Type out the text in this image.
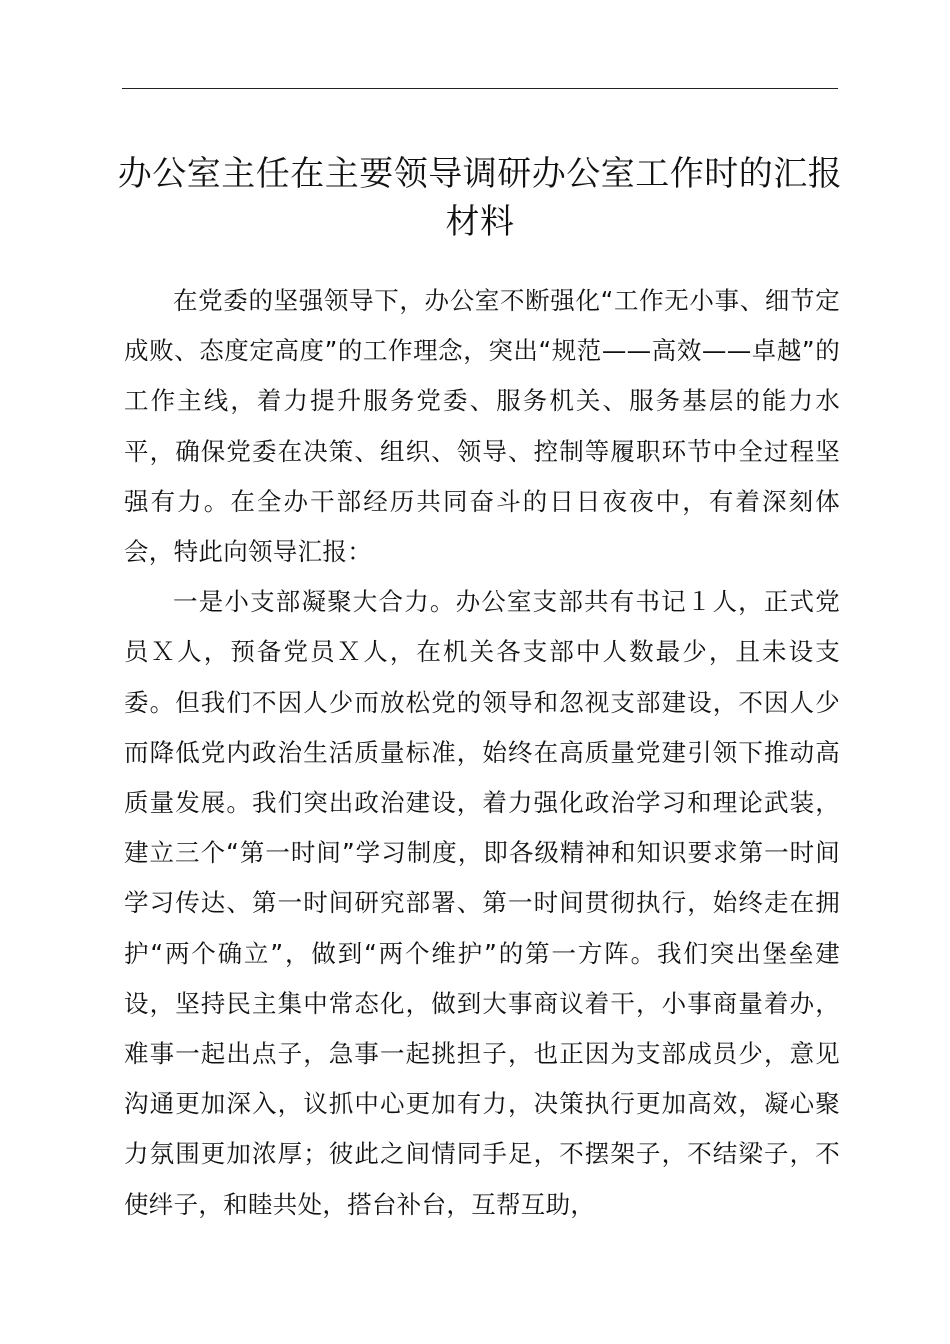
办公室主任在主要领导调研办公室工作时的汇报材料

在党委的坚强领导下，办公室不断强化“工作无小事、细节定成败、态度定高度”的工作理念，突出“规范——高效——卓越”的工作主线，着力提升服务党委、服务机关、服务基层的能力水平，确保党委在决策、组织、领导、控制等履职环节中全过程坚强有力。在全办干部经历共同奋斗的日日夜夜中，有着深刻体会，特此向领导汇报：

一是小支部凝聚大合力。办公室支部共有书记１人，正式党员Ｘ人，预备党员Ｘ人，在机关各支部中人数最少，且未设支委。但我们不因人少而放松党的领导和忽视支部建设，不因人少而降低党内政治生活质量标准，始终在高质量党建引领下推动高质量发展。我们突出政治建设，着力强化政治学习和理论武装，建立三个“第一时间”学习制度，即各级精神和知识要求第一时间学习传达、第一时间研究部署、第一时间贯彻执行，始终走在拥护“两个确立”，做到“两个维护”的第一方阵。我们突出堡垒建设，坚持民主集中常态化，做到大事商议着干，小事商量着办，难事一起出点子，急事一起挑担子，也正因为支部成员少，意见沟通更加深入，议抓中心更加有力，决策执行更加高效，凝心聚力氛围更加浓厚；彼此之间情同手足，不摆架子，不结梁子，不使绊子，和睦共处，搭台补台，互帮互助，
